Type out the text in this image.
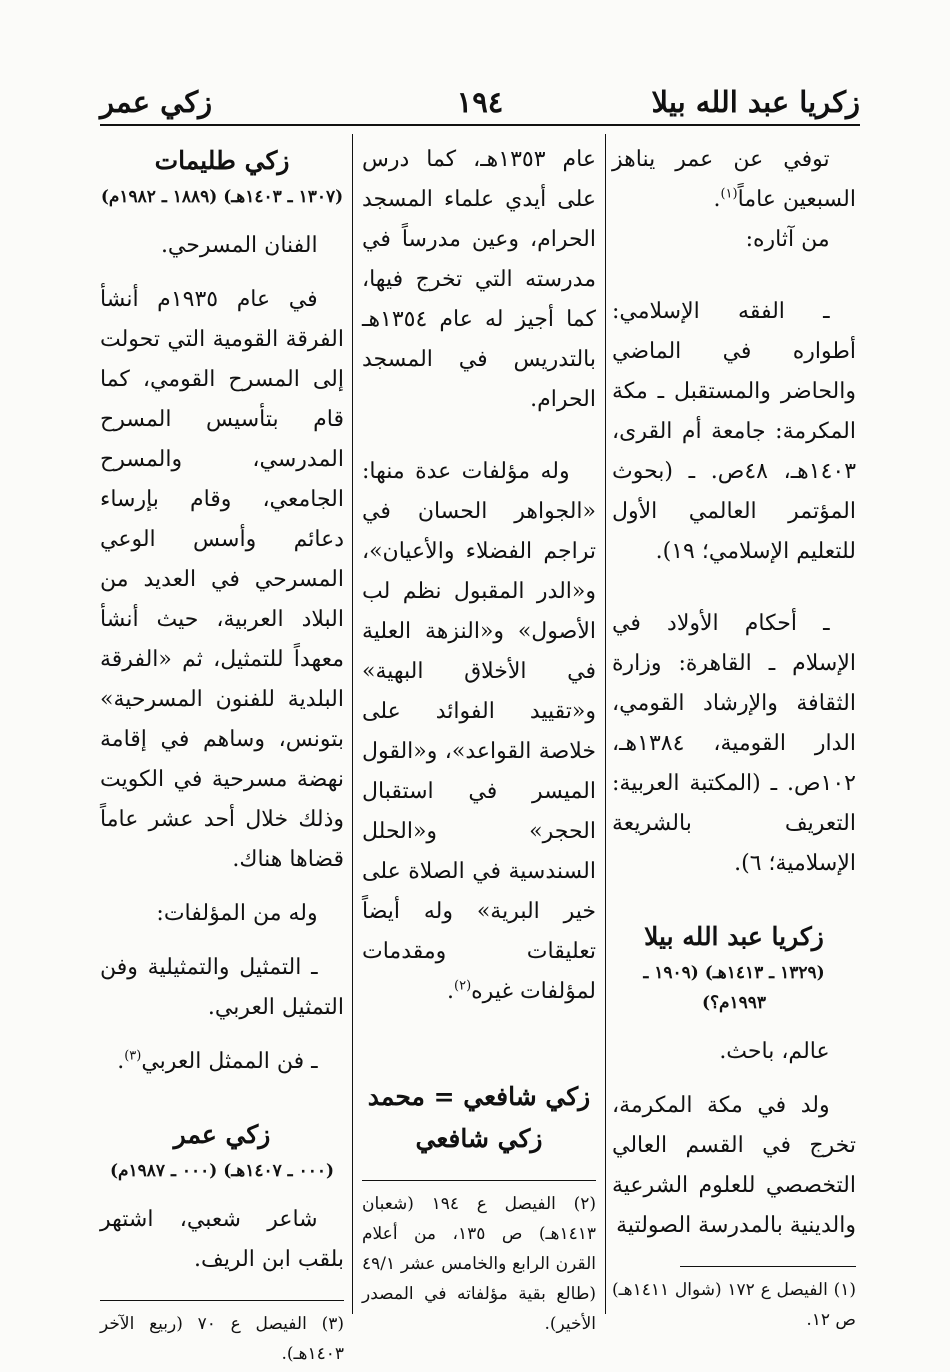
زكريا عبد الله بيلا
١٩٤
زكي عمر

توفي عن عمر يناهز السبعين عاماً$^{(١)}$.

من آثاره:

ـ الفقه الإسلامي: أطواره في الماضي والحاضر والمستقبل ـ مكة المكرمة: جامعة أم القرى، ١٤٠٣هـ، ٤٨ص. ـ (بحوث المؤتمر العالمي الأول للتعليم الإسلامي؛ ١٩).

ـ أحكام الأولاد في الإسلام ـ القاهرة: وزارة الثقافة والإرشاد القومي، الدار القومية، ١٣٨٤هـ، ١٠٢ص. ـ (المكتبة العربية: التعريف بالشريعة الإسلامية؛ ٦).

زكريا عبد الله بيلا

(١٣٢٩ ـ ١٤١٣هـ) (١٩٠٩ ـ ١٩٩٣م؟)

عالم، باحث.

ولد في مكة المكرمة، تخرج في القسم العالي التخصصي للعلوم الشرعية والدينية بالمدرسة الصولتية

(١) الفيصل ع ١٧٢ (شوال ١٤١١هـ) ص ١٢.

عام ١٣٥٣هـ، كما درس على أيدي علماء المسجد الحرام، وعين مدرساً في مدرسته التي تخرج فيها، كما أجيز له عام ١٣٥٤هـ بالتدريس في المسجد الحرام.

وله مؤلفات عدة منها: «الجواهر الحسان في تراجم الفضلاء والأعيان»، و«الدر المقبول نظم لب الأصول» و«النزهة العلية في الأخلاق البهية» و«تقييد الفوائد على خلاصة القواعد»، و«القول الميسر في استقبال الحجر» و«الحلل السندسية في الصلاة على خير البرية» وله أيضاً تعليقات ومقدمات لمؤلفات غيره$^{(٢)}$.

زكي شافعي = محمد زكي شافعي

(٢) الفيصل ع ١٩٤ (شعبان ١٤١٣هـ) ص ١٣٥، من أعلام القرن الرابع والخامس عشر ٤٩/١ (طالع بقية مؤلفاته في المصدر الأخير).

زكي طليمات

(١٣٠٧ ـ ١٤٠٣هـ) (١٨٨٩ ـ ١٩٨٢م)

الفنان المسرحي.

في عام ١٩٣٥م أنشأ الفرقة القومية التي تحولت إلى المسرح القومي، كما قام بتأسيس المسرح المدرسي، والمسرح الجامعي، وقام بإرساء دعائم وأسس الوعي المسرحي في العديد من البلاد العربية، حيث أنشأ معهداً للتمثيل، ثم «الفرقة البلدية للفنون المسرحية» بتونس، وساهم في إقامة نهضة مسرحية في الكويت وذلك خلال أحد عشر عاماً قضاها هناك.

وله من المؤلفات:

ـ التمثيل والتمثيلية وفن التمثيل العربي.

ـ فن الممثل العربي$^{(٣)}$.

زكي عمر

(٠٠٠ ـ ١٤٠٧هـ) (٠٠٠ ـ ١٩٨٧م)

شاعر شعبي، اشتهر بلقب ابن الريف.

(٣) الفيصل ع ٧٠ (ربيع الآخر ١٤٠٣هـ).
